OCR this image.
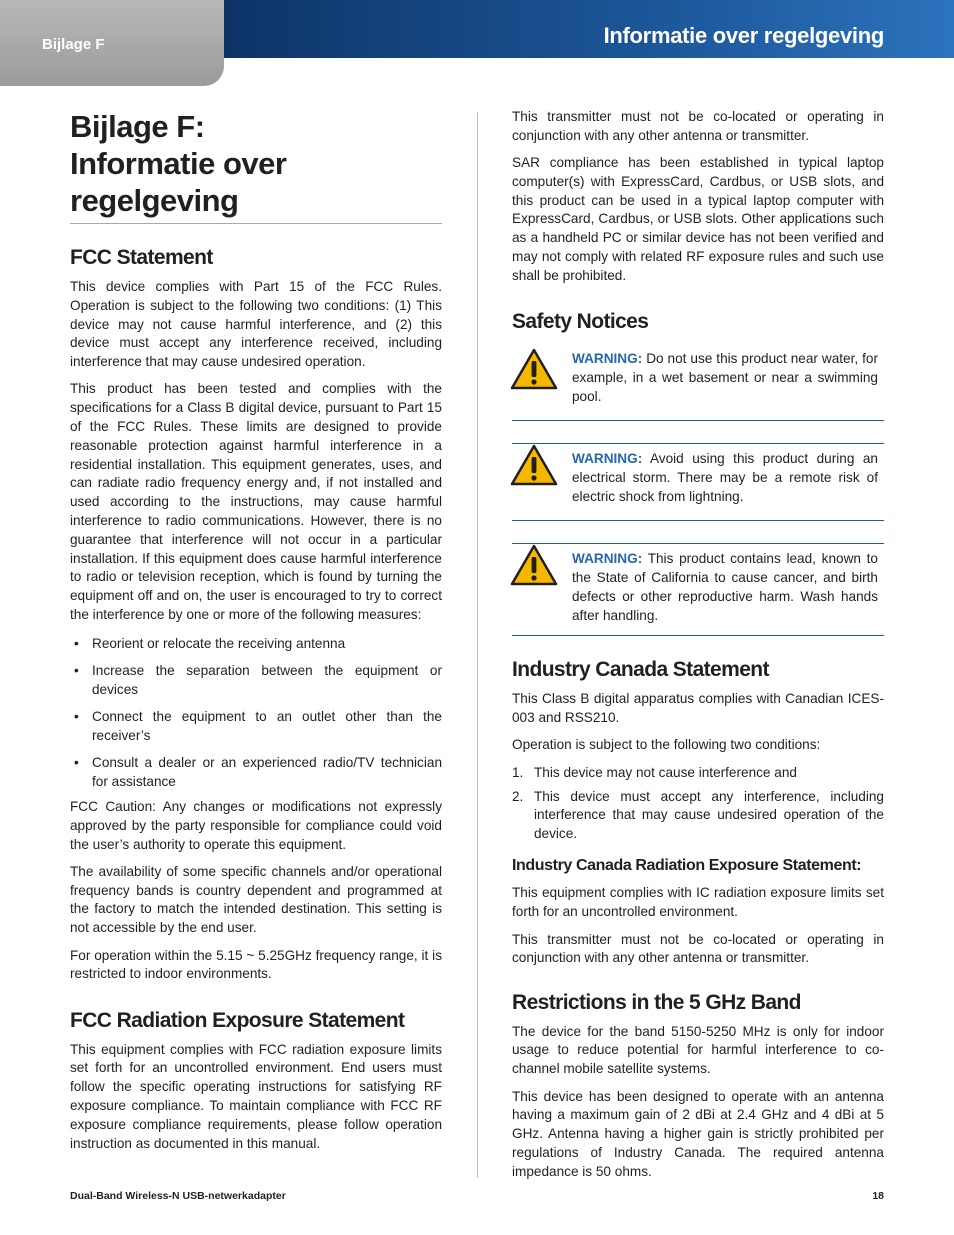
Bijlage F	Informatie over regelgeving
Bijlage F:
Informatie over
regelgeving
FCC Statement

This device complies with Part 15 of the FCC Rules. Operation is subject to the following two conditions: (1) This device may not cause harmful interference, and (2) this device must accept any interference received, including interference that may cause undesired operation.

This product has been tested and complies with the specifications for a Class B digital device, pursuant to Part 15 of the FCC Rules. These limits are designed to provide reasonable protection against harmful interference in a residential installation. This equipment generates, uses, and can radiate radio frequency energy and, if not installed and used according to the instructions, may cause harmful interference to radio communications. However, there is no guarantee that interference will not occur in a particular installation. If this equipment does cause harmful interference to radio or television reception, which is found by turning the equipment off and on, the user is encouraged to try to correct the interference by one or more of the following measures:

• Reorient or relocate the receiving antenna
• Increase the separation between the equipment or devices
• Connect the equipment to an outlet other than the receiver’s
• Consult a dealer or an experienced radio/TV technician for assistance

FCC Caution: Any changes or modifications not expressly approved by the party responsible for compliance could void the user’s authority to operate this equipment.

The availability of some specific channels and/or operational frequency bands is country dependent and programmed at the factory to match the intended destination. This setting is not accessible by the end user.

For operation within the 5.15 ~ 5.25GHz frequency range, it is restricted to indoor environments.

FCC Radiation Exposure Statement

This equipment complies with FCC radiation exposure limits set forth for an uncontrolled environment. End users must follow the specific operating instructions for satisfying RF exposure compliance. To maintain compliance with FCC RF exposure compliance requirements, please follow operation instruction as documented in this manual.

This transmitter must not be co-located or operating in conjunction with any other antenna or transmitter.

SAR compliance has been established in typical laptop computer(s) with ExpressCard, Cardbus, or USB slots, and this product can be used in a typical laptop computer with ExpressCard, Cardbus, or USB slots. Other applications such as a handheld PC or similar device has not been verified and may not comply with related RF exposure rules and such use shall be prohibited.

Safety Notices
WARNING: Do not use this product near water, for example, in a wet basement or near a swimming pool.
WARNING: Avoid using this product during an electrical storm. There may be a remote risk of electric shock from lightning.
WARNING: This product contains lead, known to the State of California to cause cancer, and birth defects or other reproductive harm. Wash hands after handling.
Industry Canada Statement

This Class B digital apparatus complies with Canadian ICES-003 and RSS210.

Operation is subject to the following two conditions:

1. This device may not cause interference and
2. This device must accept any interference, including interference that may cause undesired operation of the device.
Industry Canada Radiation Exposure Statement:

This equipment complies with IC radiation exposure limits set forth for an uncontrolled environment.

This transmitter must not be co-located or operating in conjunction with any other antenna or transmitter.

Restrictions in the 5 GHz Band

The device for the band 5150-5250 MHz is only for indoor usage to reduce potential for harmful interference to co-channel mobile satellite systems.

This device has been designed to operate with an antenna having a maximum gain of 2 dBi at 2.4 GHz and 4 dBi at 5 GHz. Antenna having a higher gain is strictly prohibited per regulations of Industry Canada. The required antenna impedance is 50 ohms.

Dual-Band Wireless-N USB-netwerkadapter	18
